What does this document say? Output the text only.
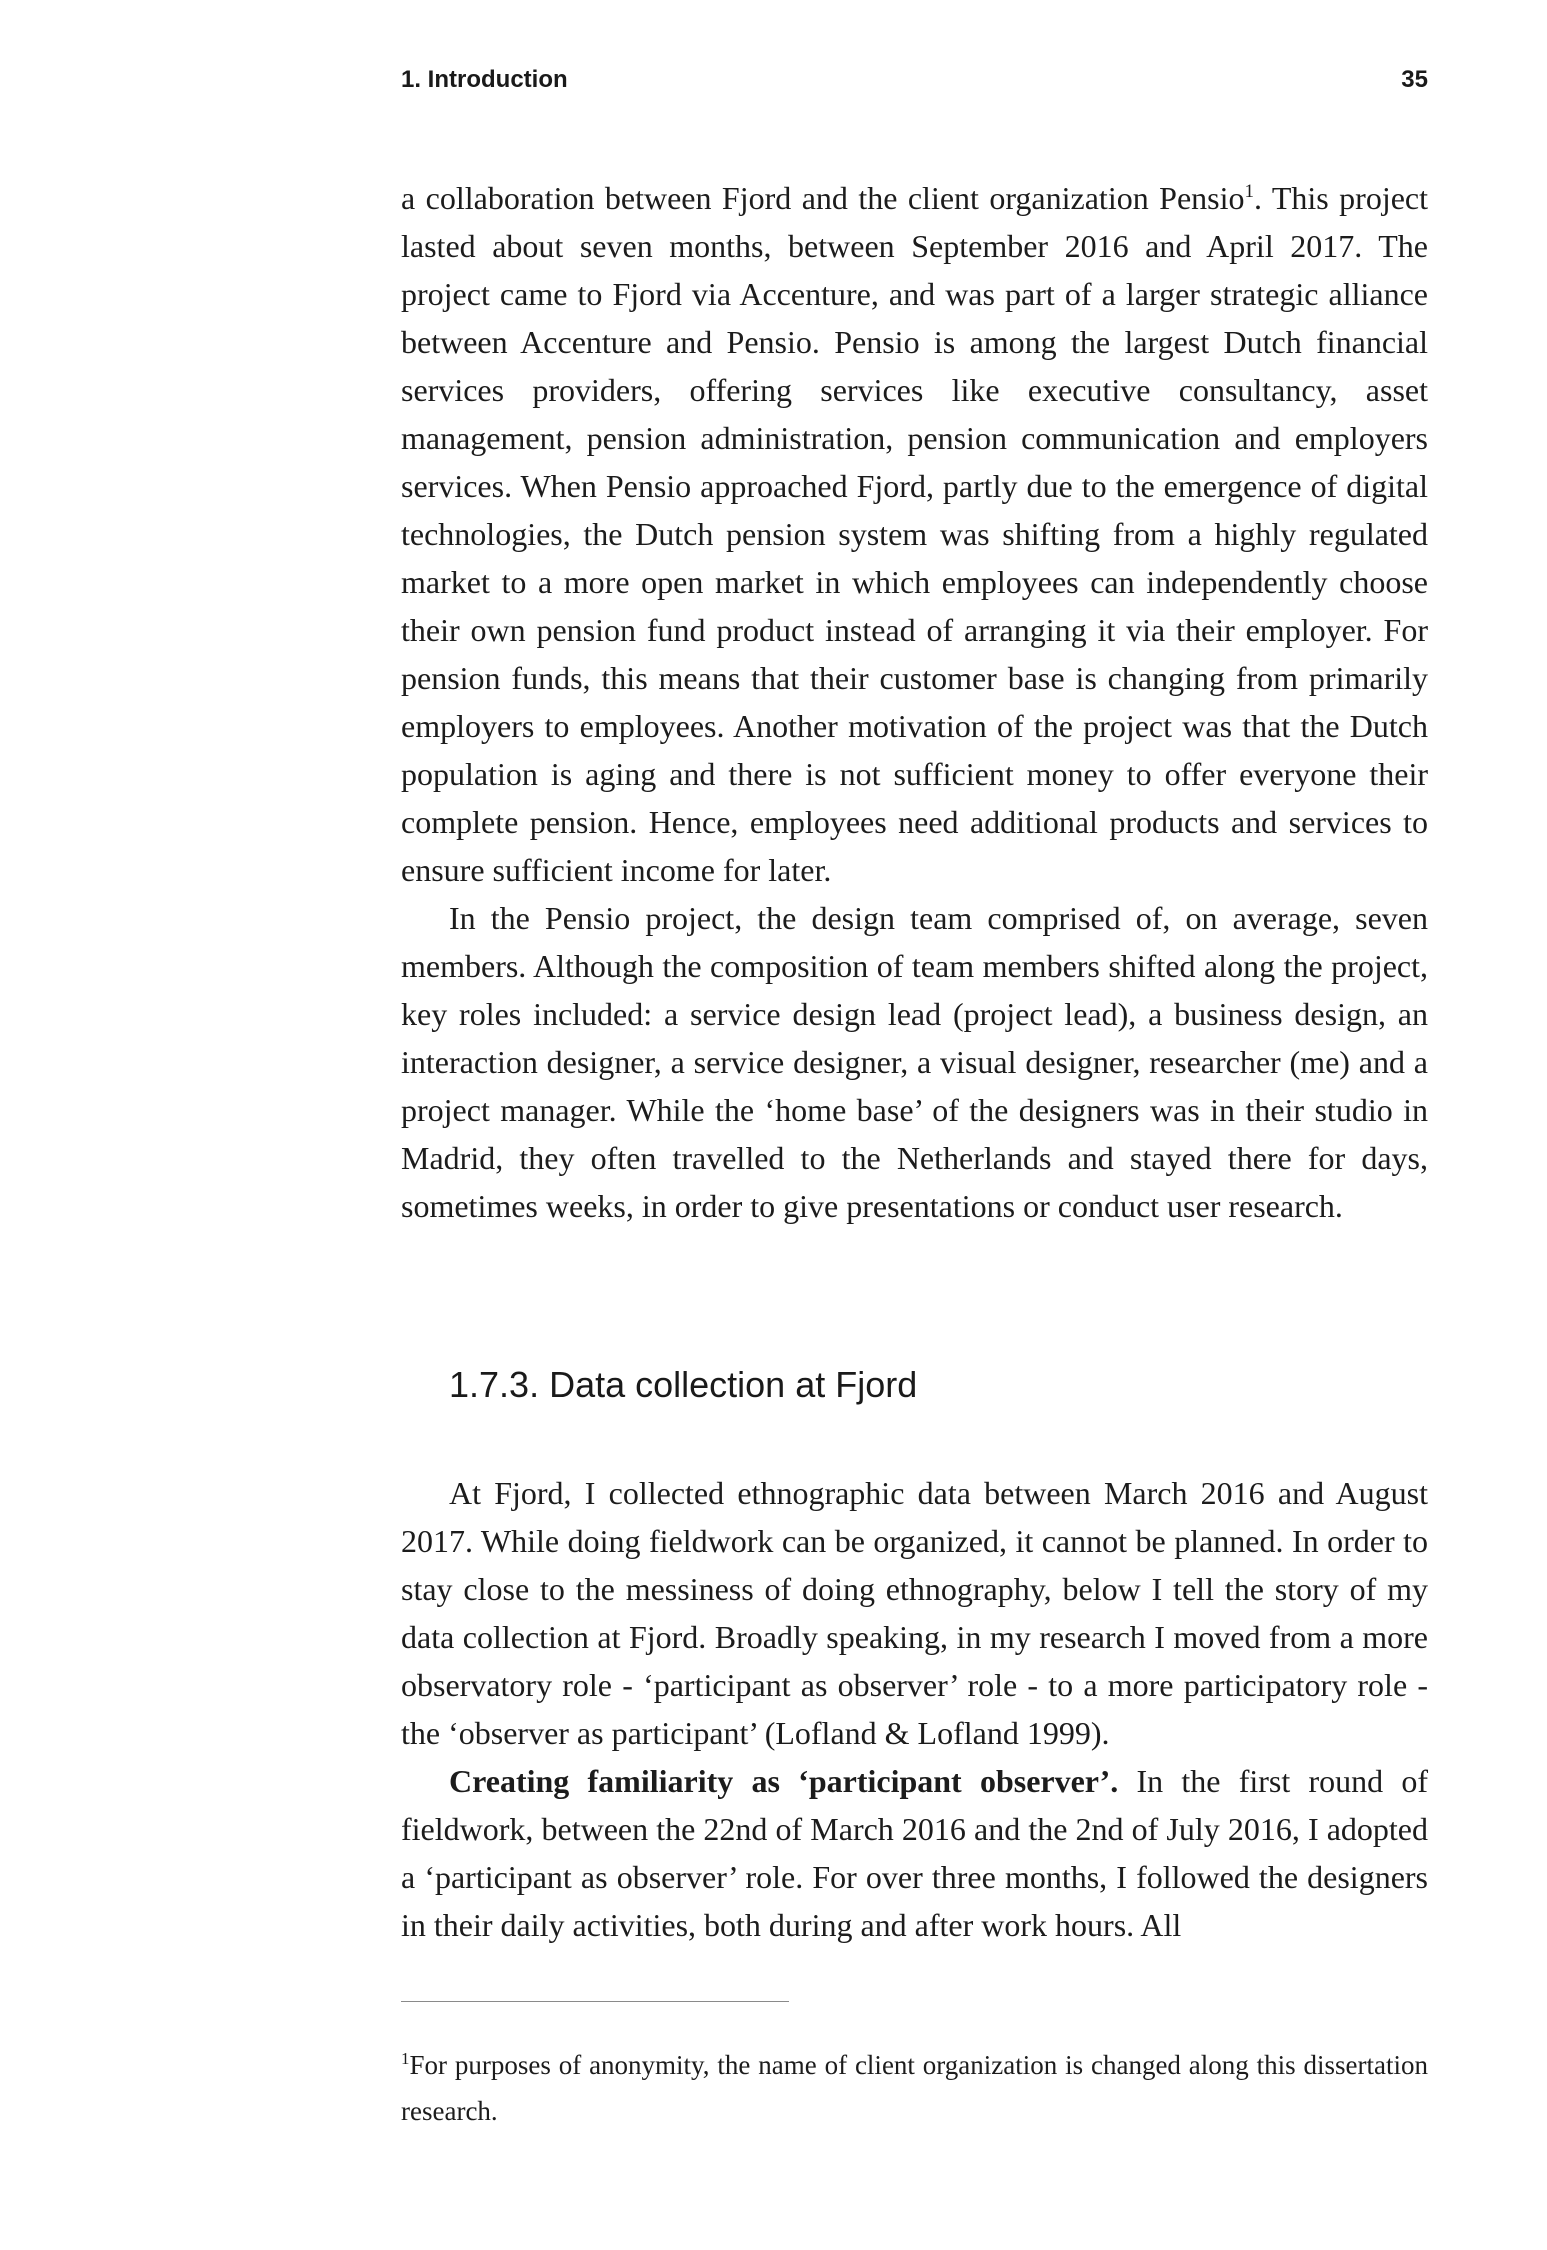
1. Introduction	35

a collaboration between Fjord and the client organization Pensio$^1$. This project lasted about seven months, between September 2016 and April 2017. The project came to Fjord via Accenture, and was part of a larger strategic alliance between Accenture and Pensio. Pensio is among the largest Dutch financial services providers, offering services like executive consultancy, asset management, pension administration, pension communication and employers services. When Pensio approached Fjord, partly due to the emergence of digital technologies, the Dutch pension system was shifting from a highly regulated market to a more open market in which employees can independently choose their own pension fund product instead of arranging it via their employer. For pension funds, this means that their customer base is changing from primarily employers to employees. Another motivation of the project was that the Dutch population is aging and there is not sufficient money to offer everyone their complete pension. Hence, employees need additional products and services to ensure sufficient income for later.

In the Pensio project, the design team comprised of, on average, seven members. Although the composition of team members shifted along the project, key roles included: a service design lead (project lead), a business design, an interaction designer, a service designer, a visual designer, researcher (me) and a project manager. While the ‘home base’ of the designers was in their studio in Madrid, they often travelled to the Netherlands and stayed there for days, sometimes weeks, in order to give presentations or conduct user research.

1.7.3. Data collection at Fjord

At Fjord, I collected ethnographic data between March 2016 and August 2017. While doing fieldwork can be organized, it cannot be planned. In order to stay close to the messiness of doing ethnography, below I tell the story of my data collection at Fjord. Broadly speaking, in my research I moved from a more observatory role - ‘participant as observer’ role - to a more participatory role - the ‘observer as participant’ (Lofland & Lofland 1999).

Creating familiarity as ‘participant observer’. In the first round of fieldwork, between the 22nd of March 2016 and the 2nd of July 2016, I adopted a ‘participant as observer’ role. For over three months, I followed the designers in their daily activities, both during and after work hours. All

$^1$For purposes of anonymity, the name of client organization is changed along this dissertation research.
